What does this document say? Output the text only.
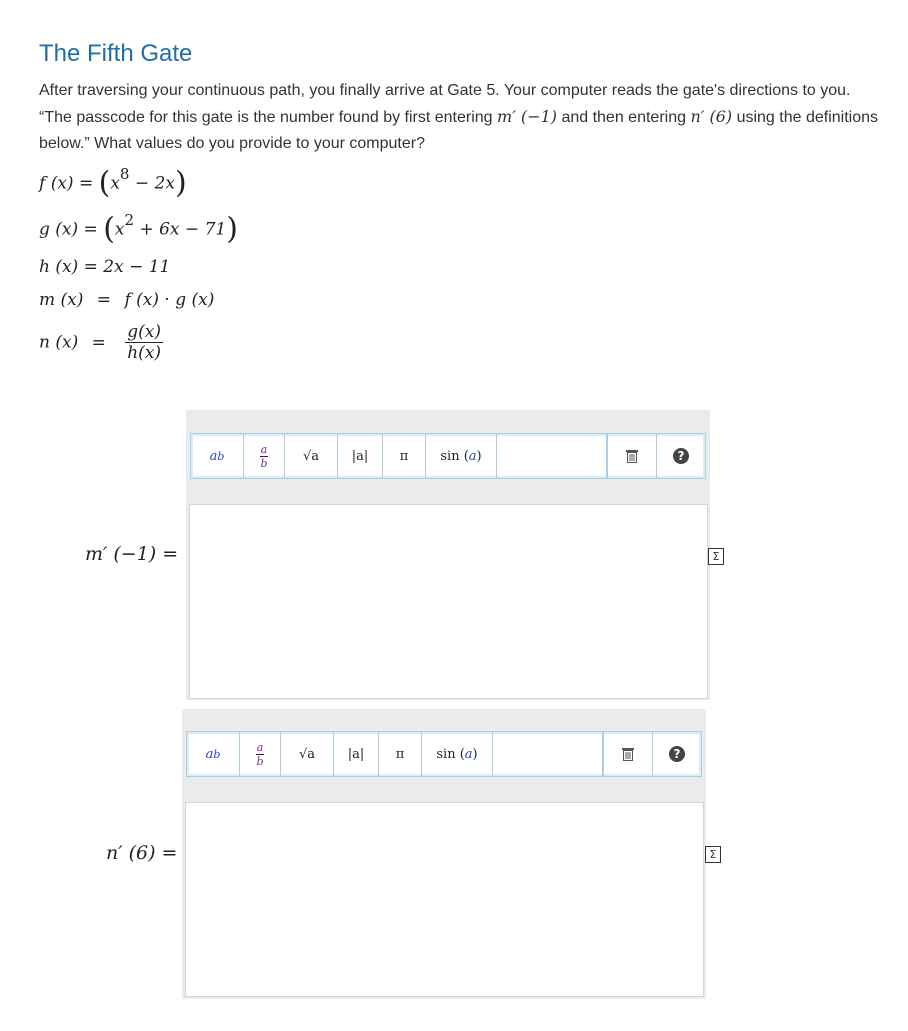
The Fifth Gate
After traversing your continuous path, you finally arrive at Gate 5. Your computer reads the gate's directions to you. “The passcode for this gate is the number found by first entering m′ (−1) and then entering n′ (6) using the definitions below.” What values do you provide to your computer?
f $(x) = (x^8 - 2x)$
g $(x) = (x^2 + 6x - 71)$
h (x) = 2x − 11
m (x) = f (x) · g (x)
n $(x) = \frac{g(x)}{h(x)}$
a b
a
b	√a	|a| π sin ( a )	?
m′ (−1) =	Σ
a b
a
b	√a	|a| π sin ( a )	?
n′ (6) =	Σ
